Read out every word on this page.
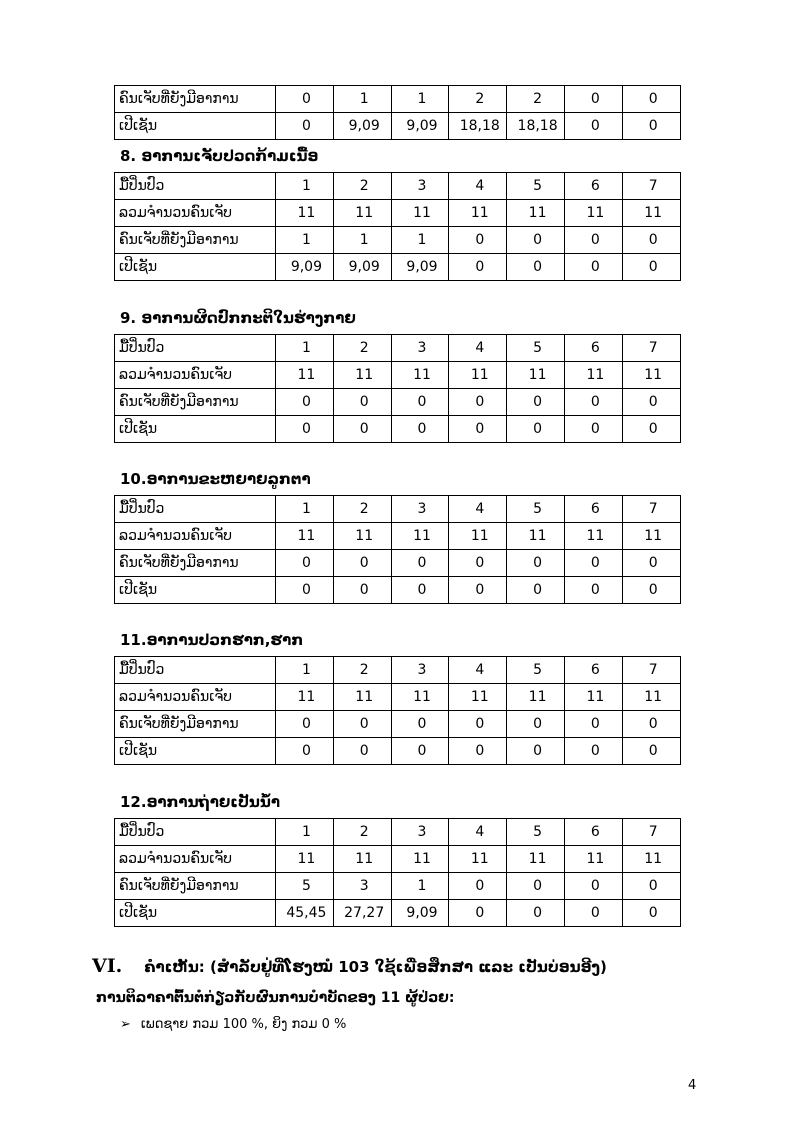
ຄົນເຈັບທີ່ຍັງມີອາການ	0	1	1	2	2	0	0
ເປີເຊັນ	0	9,09	9,09	18,18	18,18	0	0
8. ອາການເຈັບປວດກ້າມເນື້ອ
ມື້ປິ່ນປົວ	1	2	3	4	5	6	7
ລວມຈຳນວນຄົນເຈັບ	11	11	11	11	11	11	11
ຄົນເຈັບທີ່ຍັງມີອາການ	1	1	1	0	0	0	0
ເປີເຊັນ	9,09	9,09	9,09	0	0	0	0
9. ອາການຜິດປົກກະຕິໃນຮ່າງກາຍ
ມື້ປິ່ນປົວ	1	2	3	4	5	6	7
ລວມຈຳນວນຄົນເຈັບ	11	11	11	11	11	11	11
ຄົນເຈັບທີ່ຍັງມີອາການ	0	0	0	0	0	0	0
ເປີເຊັນ	0	0	0	0	0	0	0
10.ອາການຂະຫຍາຍລູກຕາ
ມື້ປິ່ນປົວ	1	2	3	4	5	6	7
ລວມຈຳນວນຄົນເຈັບ	11	11	11	11	11	11	11
ຄົນເຈັບທີ່ຍັງມີອາການ	0	0	0	0	0	0	0
ເປີເຊັນ	0	0	0	0	0	0	0
11.ອາການປວກຮາກ,ຮາກ
ມື້ປິ່ນປົວ	1	2	3	4	5	6	7
ລວມຈຳນວນຄົນເຈັບ	11	11	11	11	11	11	11
ຄົນເຈັບທີ່ຍັງມີອາການ	0	0	0	0	0	0	0
ເປີເຊັນ	0	0	0	0	0	0	0
12.ອາການຖ່າຍເປັນນ້ຳ
ມື້ປິ່ນປົວ	1	2	3	4	5	6	7
ລວມຈຳນວນຄົນເຈັບ	11	11	11	11	11	11	11
ຄົນເຈັບທີ່ຍັງມີອາການ	5	3	1	0	0	0	0
ເປີເຊັນ	45,45	27,27	9,09	0	0	0	0
VI. ຄຳເຫັນ: (ສຳລັບຢູ່ທີ່ໂຮງໝໍ 103 ໃຊ້ເພື່ອສຶກສາ ແລະ ເປັນບ່ອນອີງ)
ການຕິລາຄາຕົ້ນຕໍກ່ຽວກັບຜົນການບຳບັດຂອງ 11 ຜູ້ປ່ວຍ:
➢ ເພດຊາຍ ກວມ 100 %, ຍິງ ກວມ 0 %
4
